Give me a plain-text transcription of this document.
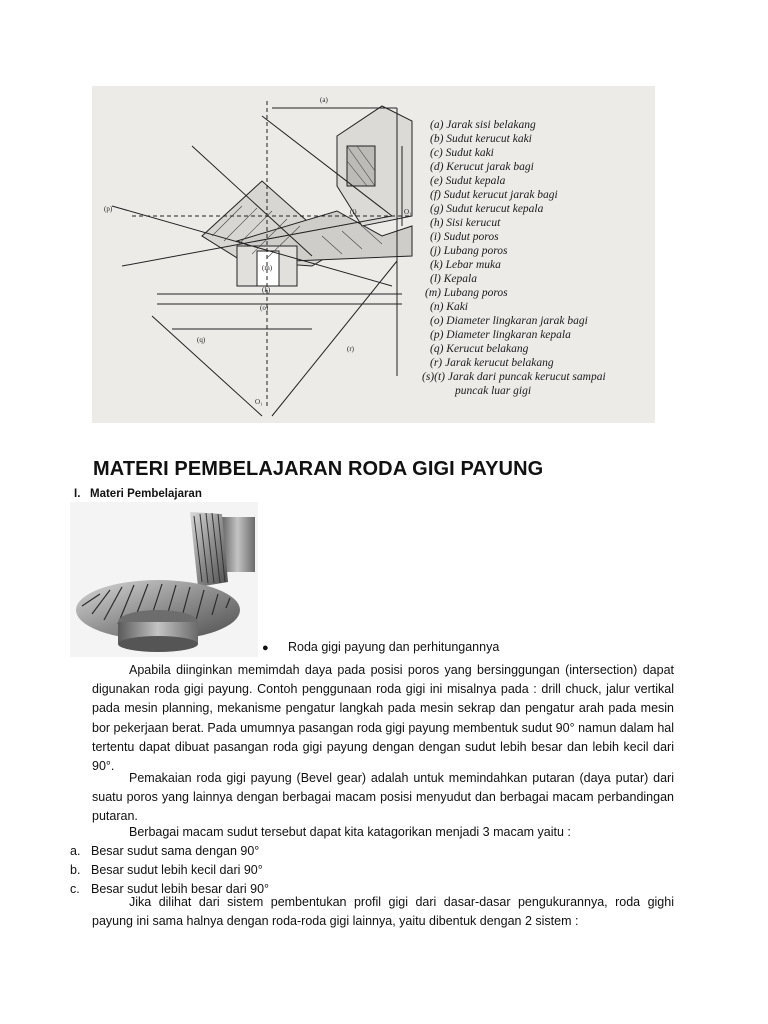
(a)
(m)
(k)
(o)
(q)
(r)
(i)	O₁
O₁
(p)
(a) Jarak sisi belakang
(b) Sudut kerucut kaki
(c) Sudut kaki
(d) Kerucut jarak bagi
(e) Sudut kepala
(f) Sudut kerucut jarak bagi
(g) Sudut kerucut kepala
(h) Sisi kerucut
(i) Sudut poros
(j) Lubang poros
(k) Lebar muka
(l) Kepala
(m) Lubang poros
(n) Kaki
(o) Diameter lingkaran jarak bagi
(p) Diameter lingkaran kepala
(q) Kerucut belakang
(r) Jarak kerucut belakang
(s)(t) Jarak dari puncak kerucut sampai
puncak luar gigi
MATERI PEMBELAJARAN RODA GIGI PAYUNG
I. Materi Pembelajaran
● Roda gigi payung dan perhitungannya

Apabila diinginkan memimdah daya pada posisi poros yang bersinggungan (intersection) dapat digunakan roda gigi payung. Contoh penggunaan roda gigi ini misalnya pada : drill chuck, jalur vertikal pada mesin planning, mekanisme pengatur langkah pada mesin sekrap dan pengatur arah pada mesin bor pekerjaan berat. Pada umumnya pasangan roda gigi payung membentuk sudut 90° namun dalam hal tertentu dapat dibuat pasangan roda gigi payung dengan dengan sudut lebih besar dan lebih kecil dari 90°.

Pemakaian roda gigi payung (Bevel gear) adalah untuk memindahkan putaran (daya putar) dari suatu poros yang lainnya dengan berbagai macam posisi menyudut dan berbagai macam perbandingan putaran.

Berbagai macam sudut tersebut dapat kita katagorikan menjadi 3 macam yaitu :

a. Besar sudut sama dengan 90°
b. Besar sudut lebih kecil dari 90°
c. Besar sudut lebih besar dari 90°

Jika dilihat dari sistem pembentukan profil gigi dari dasar-dasar pengukurannya, roda gighi payung ini sama halnya dengan roda-roda gigi lainnya, yaitu dibentuk dengan 2 sistem :
